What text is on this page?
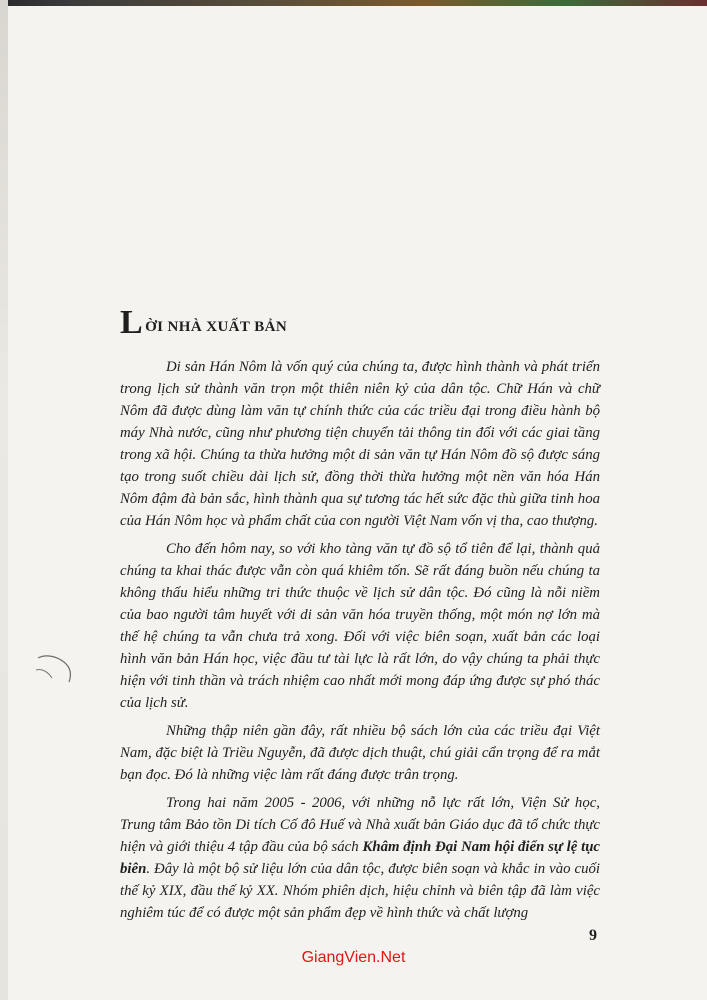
LỜI NHÀ XUẤT BẢN

Di sản Hán Nôm là vốn quý của chúng ta, được hình thành và phát triển trong lịch sử thành văn trọn một thiên niên kỷ của dân tộc. Chữ Hán và chữ Nôm đã được dùng làm văn tự chính thức của các triều đại trong điều hành bộ máy Nhà nước, cũng như phương tiện chuyển tải thông tin đối với các giai tầng trong xã hội. Chúng ta thừa hưởng một di sản văn tự Hán Nôm đồ sộ được sáng tạo trong suốt chiều dài lịch sử, đồng thời thừa hưởng một nền văn hóa Hán Nôm đậm đà bản sắc, hình thành qua sự tương tác hết sức đặc thù giữa tinh hoa của Hán Nôm học và phẩm chất của con người Việt Nam vốn vị tha, cao thượng.

Cho đến hôm nay, so với kho tàng văn tự đồ sộ tổ tiên để lại, thành quả chúng ta khai thác được vẫn còn quá khiêm tốn. Sẽ rất đáng buồn nếu chúng ta không thấu hiểu những tri thức thuộc về lịch sử dân tộc. Đó cũng là nỗi niềm của bao người tâm huyết với di sản văn hóa truyền thống, một món nợ lớn mà thế hệ chúng ta vẫn chưa trả xong. Đối với việc biên soạn, xuất bản các loại hình văn bản Hán học, việc đầu tư tài lực là rất lớn, do vậy chúng ta phải thực hiện với tinh thần và trách nhiệm cao nhất mới mong đáp ứng được sự phó thác của lịch sử.

Những thập niên gần đây, rất nhiều bộ sách lớn của các triều đại Việt Nam, đặc biệt là Triều Nguyễn, đã được dịch thuật, chú giải cẩn trọng để ra mắt bạn đọc. Đó là những việc làm rất đáng được trân trọng.

Trong hai năm 2005 - 2006, với những nỗ lực rất lớn, Viện Sử học, Trung tâm Bảo tồn Di tích Cố đô Huế và Nhà xuất bản Giáo dục đã tổ chức thực hiện và giới thiệu 4 tập đầu của bộ sách Khâm định Đại Nam hội điển sự lệ tục biên. Đây là một bộ sử liệu lớn của dân tộc, được biên soạn và khắc in vào cuối thế kỷ XIX, đầu thế kỷ XX. Nhóm phiên dịch, hiệu chỉnh và biên tập đã làm việc nghiêm túc để có được một sản phẩm đẹp về hình thức và chất lượng

9
GiangVien.Net
